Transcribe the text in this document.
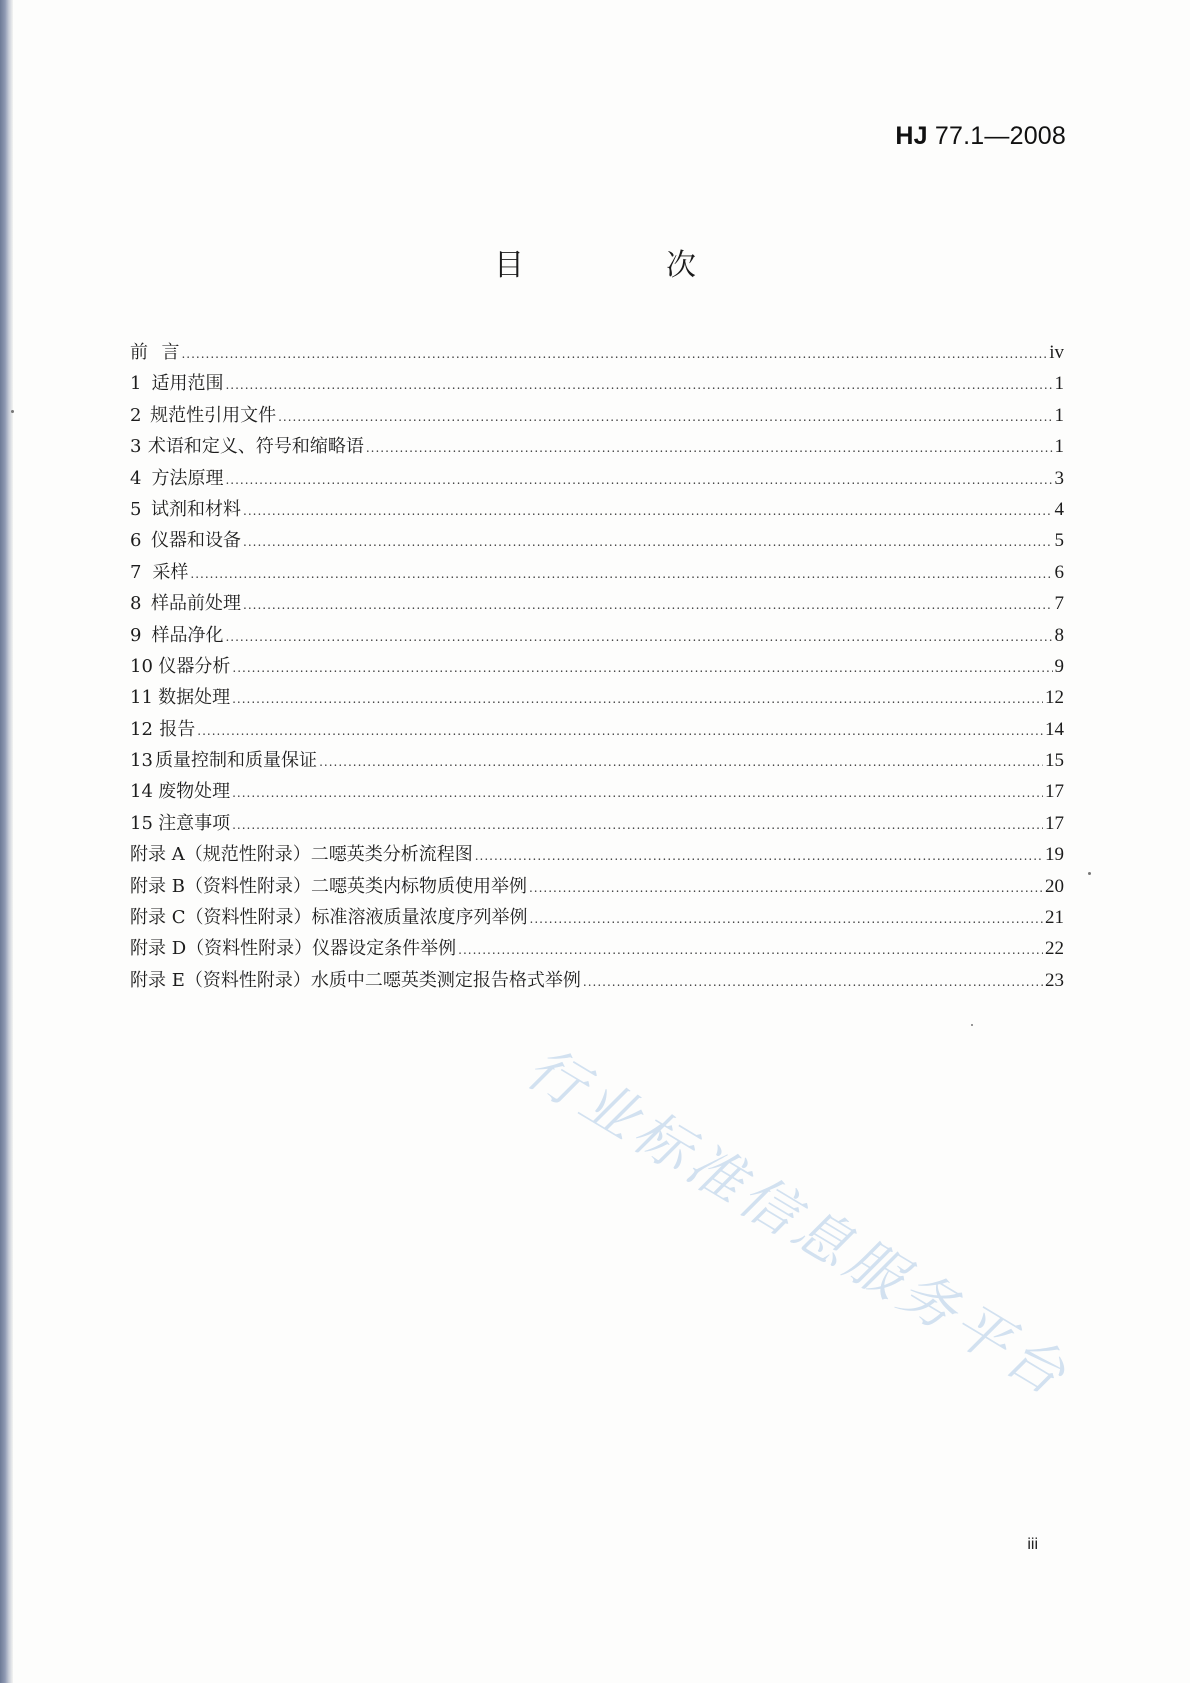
HJ 77.1—2008
目　次
前 言 .....	iv
1 适用范围 .....	1
2 规范性引用文件 .....	1
3 术语和定义、符号和缩略语 .....	1
4 方法原理 .....	3
5 试剂和材料 .....	4
6 仪器和设备 .....	5
7 采样 .....	6
8 样品前处理 .....	7
9 样品净化 .....	8
10 仪器分析 .....	9
11 数据处理 .....	12
12 报告 .....	14
13 质量控制和质量保证 .....	15
14 废物处理 .....	17
15 注意事项 .....	17
附录 A（规范性附录） 二噁英类分析流程图 .....	19
附录 B（资料性附录） 二噁英类内标物质使用举例 .....	20
附录 C（资料性附录） 标准溶液质量浓度序列举例 .....	21
附录 D（资料性附录） 仪器设定条件举例 .....	22
附录 E（资料性附录） 水质中二噁英类测定报告格式举例 .....	23
行业标准信息服务平台
iii
